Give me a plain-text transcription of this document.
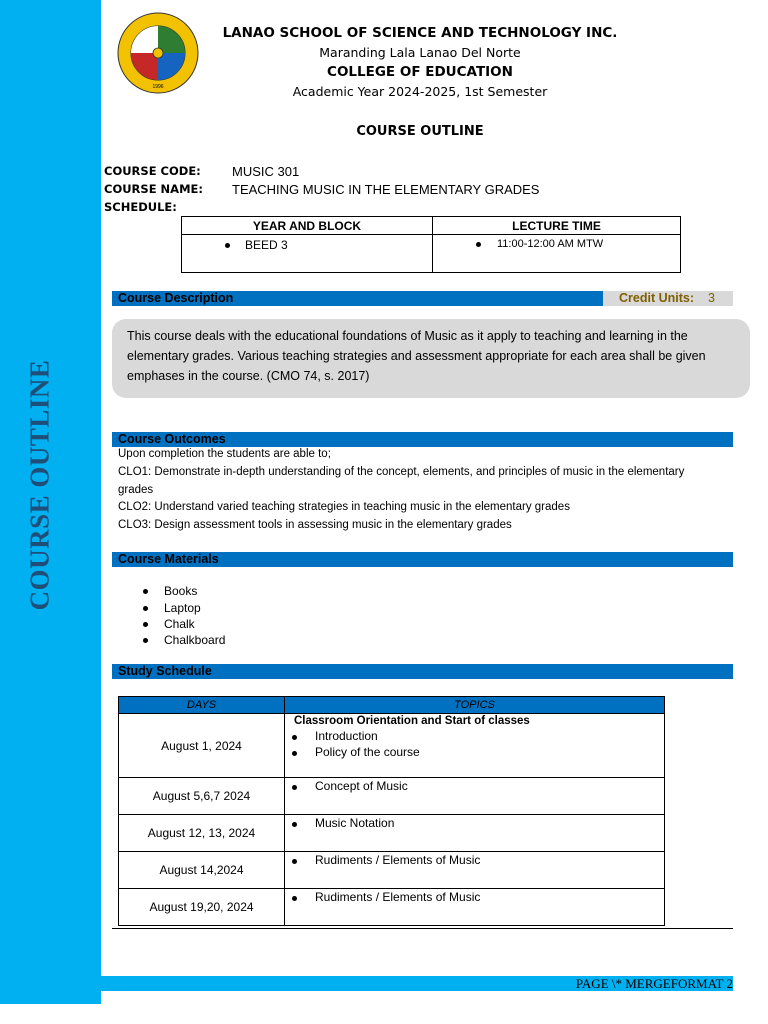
COURSE OUTLINE
1996
LANAO SCHOOL OF SCIENCE AND TECHNOLOGY INC.
Maranding Lala Lanao Del Norte
COLLEGE OF EDUCATION
Academic Year 2024-2025, 1st Semester
COURSE OUTLINE
COURSE CODE: MUSIC 301
COURSE NAME: TEACHING MUSIC IN THE ELEMENTARY GRADES
SCHEDULE:
YEAR AND BLOCK	LECTURE TIME
BEED 3	11:00-12:00 AM MTW
Course Description	Credit Units: 3

This course deals with the educational foundations of Music as it apply to teaching and learning in the
elementary grades. Various teaching strategies and assessment appropriate for each area shall be given
emphases in the course. (CMO 74, s. 2017)

Course Outcomes
Upon completion the students are able to;
CLO1: Demonstrate in-depth understanding of the concept, elements, and principles of music in the elementary
grades
CLO2: Understand varied teaching strategies in teaching music in the elementary grades
CLO3: Design assessment tools in assessing music in the elementary grades
Course Materials
Books
Laptop
Chalk
Chalkboard
Study Schedule
DAYS	TOPICS
August 1, 2024	Classroom Orientation and Start of classes
Introduction
Policy of the course

August 5,6,7 2024	Concept of Music

August 12, 13, 2024	Music Notation

August 14,2024	Rudiments / Elements of Music

August 19,20, 2024	Rudiments / Elements of Music
PAGE \* MERGEFORMAT 2
